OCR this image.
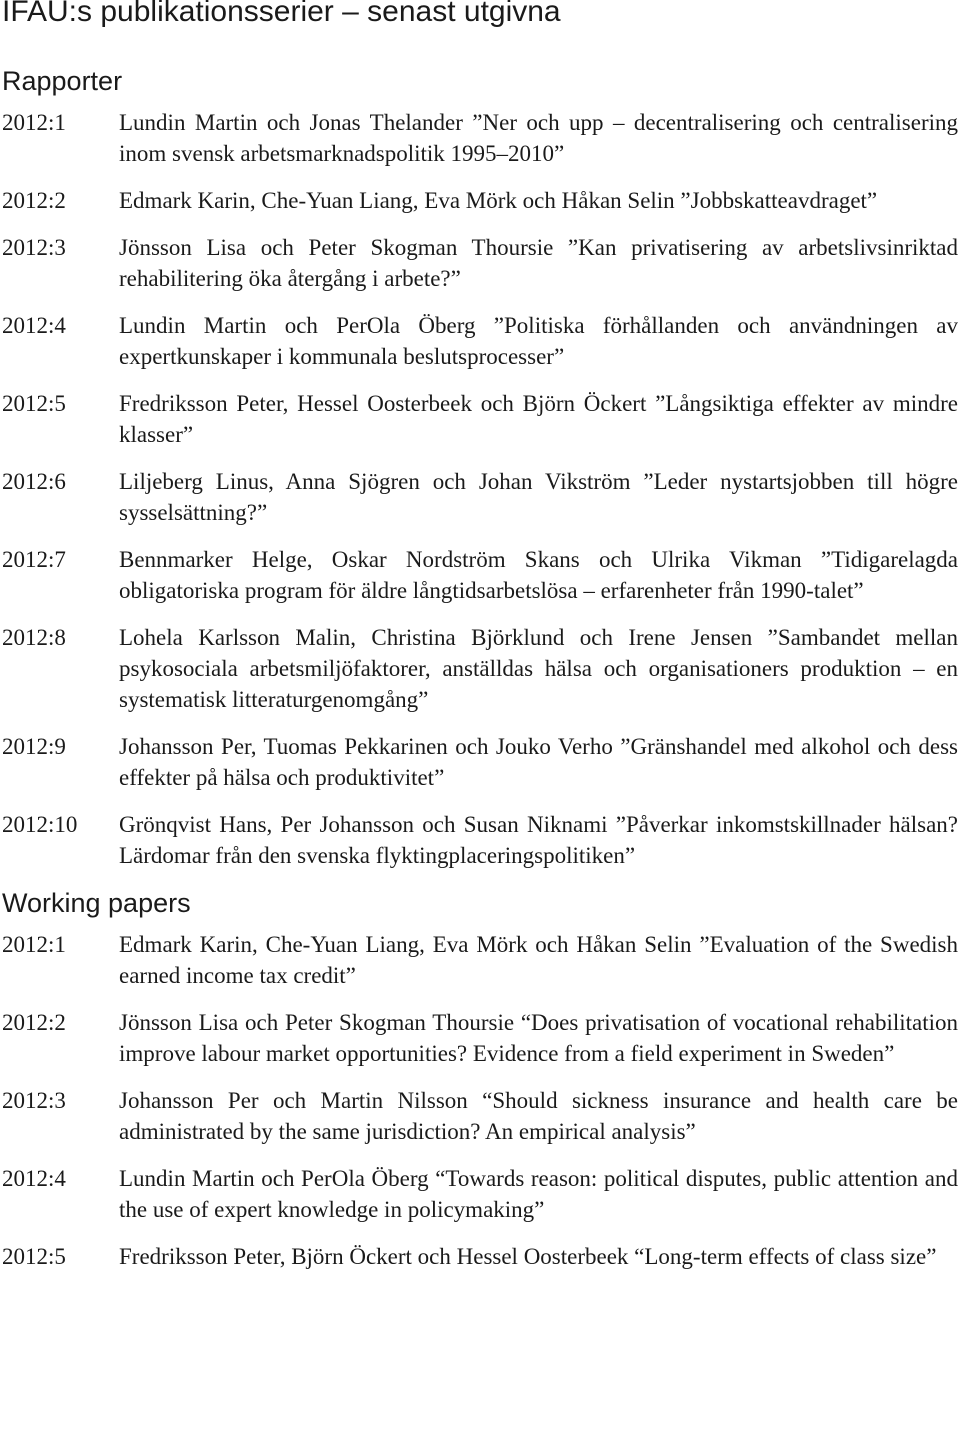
IFAU:s publikationsserier – senast utgivna
Rapporter
2012:1	Lundin Martin och Jonas Thelander ”Ner och upp – decentralisering och centralisering inom svensk arbetsmarknadspolitik 1995–2010”
2012:2	Edmark Karin, Che-Yuan Liang, Eva Mörk och Håkan Selin ”Jobbskatteavdraget”
2012:3	Jönsson Lisa och Peter Skogman Thoursie ”Kan privatisering av arbetslivsinriktad rehabilitering öka återgång i arbete?”
2012:4	Lundin Martin och PerOla Öberg ”Politiska förhållanden och användningen av expertkunskaper i kommunala beslutsprocesser”
2012:5	Fredriksson Peter, Hessel Oosterbeek och Björn Öckert ”Långsiktiga effekter av mindre klasser”
2012:6	Liljeberg Linus, Anna Sjögren och Johan Vikström ”Leder nystartsjobben till högre sysselsättning?”
2012:7	Bennmarker Helge, Oskar Nordström Skans och Ulrika Vikman ”Tidigarelagda obligatoriska program för äldre långtidsarbetslösa – erfarenheter från 1990-talet”
2012:8	Lohela Karlsson Malin, Christina Björklund och Irene Jensen ”Sambandet mellan psykosociala arbetsmiljöfaktorer, anställdas hälsa och organisationers produktion – en systematisk litteraturgenomgång”
2012:9	Johansson Per, Tuomas Pekkarinen och Jouko Verho ”Gränshandel med alkohol och dess effekter på hälsa och produktivitet”
2012:10	Grönqvist Hans, Per Johansson och Susan Niknami ”Påverkar inkomstskillnader hälsan? Lärdomar från den svenska flyktingplaceringspolitiken”
Working papers
2012:1	Edmark Karin, Che-Yuan Liang, Eva Mörk och Håkan Selin ”Evaluation of the Swedish earned income tax credit”
2012:2	Jönsson Lisa och Peter Skogman Thoursie “Does privatisation of vocational rehabilitation improve labour market opportunities? Evidence from a field experiment in Sweden”
2012:3	Johansson Per och Martin Nilsson “Should sickness insurance and health care be administrated by the same jurisdiction? An empirical analysis”
2012:4	Lundin Martin och PerOla Öberg “Towards reason: political disputes, public attention and the use of expert knowledge in policymaking”
2012:5	Fredriksson Peter, Björn Öckert och Hessel Oosterbeek “Long-term effects of class size”
